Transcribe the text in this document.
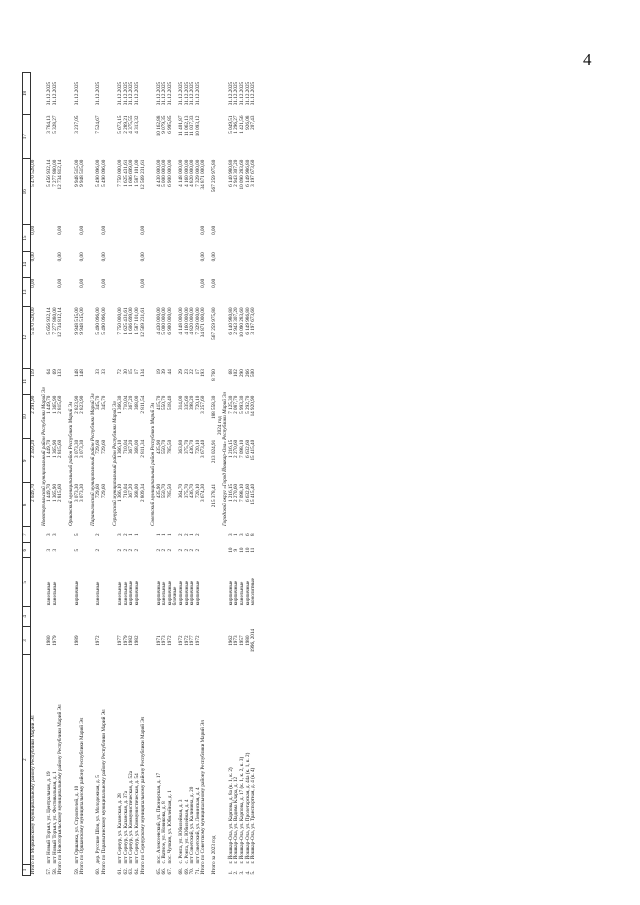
4
1	2	3	4	5	6	7	8	9	10	11	12	13	14	15	16	17	18
Итого по Моркинскому муниципальному району Республики Марий Эл							2 049,70	2 359,20	2 291,90	119	5 470 528,00	0,00	0,00	0,00	5 470 528,00		

							Новоторъяльский муниципальный район Республики Марий Эл										
57.	пгт Новый Торъял, ул. Центральная, д. 19	1980		панельные	3	3	1 449,70	1 449,70	1 449,70	64	5 656 932,14				5 456 932,14	3 764,13	31.12.2025
58.	пгт Новый Торъял, ул. Фестивальная, д. 1	1979		панельные	3	3	1 365,90	1 365,90	1 365,90	69	7 277 880,00				7 277 880,00	5 328,27	31.12.2025
Итого по Новоторъяльскому муниципальному району Республики Марий Эл							2 815,60	2 815,60	2 815,60	133	12 734 812,14	0,00	0,00	0,00	12 734 812,14		

							Оршанский муниципальный район Республики Марий Эл										
59.	пгт Оршанка, ул. Строителей, д. 10	1989		кирпичные	5	5	3 073,30	3 073,30	2 823,90	148	9 948 515,00				9 948 515,00	3 237,05	31.12.2025
Итого по Оршанскому муниципальному району Республики Марий Эл							3 073,30	3 073,30	2 823,90	148	9 948 515,00	0,00	0,00	0,00	9 948 515,00		

							Параньгинский муниципальный район Республики Марий Эл										
60.	дер. Русские Шои, ул. Молодежная, д. 5	1972		панельные	2	2	729,60	729,60	345,70	33	5 490 096,00				5 490 096,00	7 524,67	31.12.2025
Итого по Параньгинскому муниципальному району Республики Марий Эл							729,60	729,60	345,70	33	5 490 096,00	0,00	0,00	0,00	5 490 096,00		

							Сернурский муниципальный район Республики Марий Эл										
61.	пгт Сернур, ул. Казанская, д. 28	1977		панельные	2	3	1 366,10	1 366,10	1 366,30	72	7 750 000,00				7 750 000,00	5 673,15	31.12.2025
62.	пгт Сернур, ул. Казанская, д. 37а	1979		панельные	2	2	710,04	710,04	710,04	30	1 625 431,61				1 625 431,61	2 289,21	31.12.2025
63.	пгт Сернур, ул. Коммунистическая, д. 52а	1982		кирпичные	2	1	367,20	367,20	367,20	15	1 606 699,00				1 606 699,00	4 375,55	31.12.2025
64.	пгт Сернур, ул. Коммунистическая, д. 54	1982		кирпичные	2	1	368,00	368,00	368,00	17	1 587 101,00				1 587 101,00	4 313,32	31.12.2025
Итого по Сернурскому муниципальному району Республики Марий Эл							2 809,34	2 811,34	2 811,54	134	12 569 231,61	0,00	0,00	0,00	12 569 231,61		

							Советский муниципальный район Республики Марий Эл										
65.	пос. Алексеевский, ул. Пионерская, д. 17	1971		кирпичные	2	1	435,90	435,90	415,70	19	4 430 000,00				4 430 000,00	10 162,88	31.12.2025
66.	с. Ватное, ул. Новикова, д. 8	1973		панельные	2	1	550,70	550,70	550,70	39	5 000 000,00				5 000 000,00	9 079,35	31.12.2025
67.	пос. Чулкин, ул. Юбилейная, д. 1	1972		кирпичные	2	1	785,50	785,50	518,40	44	6 900 000,00				6 900 000,00	6 995,85	31.12.2025
				блочные													
68.	с. Ронга, ул. Юбилейная, д. 3	1972		кирпичные	2	2	364,70	363,80	314,00	29	4 148 000,00				4 148 000,00	11 401,87	31.12.2025
69.	с. Ронга, ул. Юбилейная, д. 4	1972		кирпичные	2	2	375,70	375,70	335,60	23	4 160 000,00				4 160 000,00	11 062,13	31.12.2025
70.	пгт Советский, ул. Калинина, д. 20	1977		кирпичные	2	1	436,70	436,70	398,20	22	4 820 000,00				4 820 000,00	11 037,33	31.12.2025
71.	пгт Советский, ул. Ленинская, д. 4	1972		кирпичные	2	2	720,10	720,10	720,10	17	7 329 000,00				7 329 000,00	10 093,12	31.12.2025
Итого по Советскому муниципальному району Республики Марий Эл							3 674,30	3 673,40	3 257,60	193	34 871 000,00	0,00	0,00	0,00	34 871 000,00		

Итого за 2023 год							215 378,41	213 024,91	188 558,30	8 760	567 259 975,80	0,00	0,00	0,00	567 259 975,80		
								2024 год									
							Городской округ «Город Йошкар-Ола» Республики Марий Эл										
1.	г. Йошкар-Ола, ул. Карпова, д. 8а (к. 1, к. 2)	1962		кирпичные	10	3	1 216,15	1 216,15	7 125,30	68	6 140 980,80				6 140 980,80	5 049,51	31.12.2025
2.	г. Йошкар-Ола, ул. Вадима Клара, д. 12	1973		кирпичные	9	1	2 270,60	2 270,60	2 087,70	102	2 943 307,20				2 943 307,20	1 296,27	31.12.2025
3.	г. Йошкар-Ола, ул. Карпова, д. 17 (к. 1, к. 2, к. 3)	1957		панельные	10	3	7 098,10	7 098,10	5 993,30	290	10 090 283,60				10 090 283,60	1 421,56	31.12.2025
4.	г. Йошкар-Ола, ул. Пролетарская, д. 44а (к. 1, к. 2)	1980		кирпичные	10	6	6 632,60	6 632,60	5 292,70	266	6 149 986,80				6 149 986,80	926,08	31.12.2025
5.	г. Йошкар-Ола, ул. Транспортная, д. 4 (к. 4)	1996, 2014		монолитные	11	8	15 415,40	15 415,40	14 920,90	500	3 197 673,60				3 197 673,60	207,43	31.12.2025
